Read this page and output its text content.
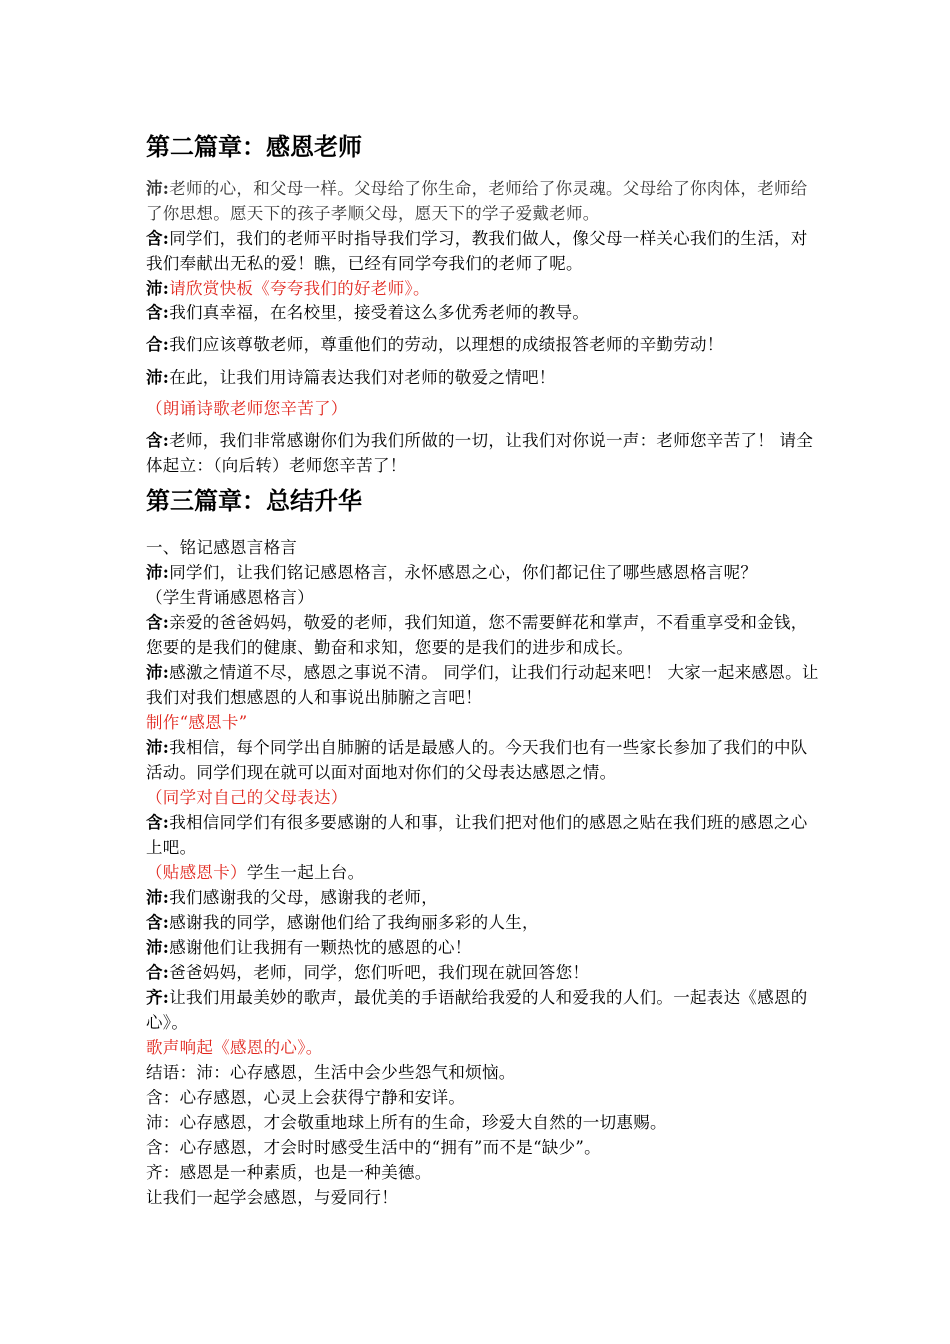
第二篇章：感恩老师

沛:老师的心，和父母一样。父母给了你生命，老师给了你灵魂。父母给了你肉体，老师给了你思想。愿天下的孩子孝顺父母，愿天下的学子爱戴老师。

含:同学们，我们的老师平时指导我们学习，教我们做人，像父母一样关心我们的生活，对我们奉献出无私的爱！瞧，已经有同学夸我们的老师了呢。

沛:请欣赏快板《夸夸我们的好老师》。

含:我们真幸福，在名校里，接受着这么多优秀老师的教导。

合:我们应该尊敬老师，尊重他们的劳动，以理想的成绩报答老师的辛勤劳动！

沛:在此，让我们用诗篇表达我们对老师的敬爱之情吧！

（朗诵诗歌老师您辛苦了）

含:老师，我们非常感谢你们为我们所做的一切，让我们对你说一声：老师您辛苦了！ 请全体起立：（向后转）老师您辛苦了！

第三篇章：总结升华

一、铭记感恩言格言

沛:同学们，让我们铭记感恩格言，永怀感恩之心，你们都记住了哪些感恩格言呢？

（学生背诵感恩格言）

含:亲爱的爸爸妈妈，敬爱的老师，我们知道，您不需要鲜花和掌声，不看重享受和金钱，您要的是我们的健康、勤奋和求知，您要的是我们的进步和成长。

沛:感激之情道不尽，感恩之事说不清。 同学们，让我们行动起来吧！ 大家一起来感恩。让我们对我们想感恩的人和事说出肺腑之言吧！

制作“感恩卡”

沛:我相信，每个同学出自肺腑的话是最感人的。今天我们也有一些家长参加了我们的中队活动。同学们现在就可以面对面地对你们的父母表达感恩之情。

（同学对自己的父母表达）

含:我相信同学们有很多要感谢的人和事，让我们把对他们的感恩之贴在我们班的感恩之心上吧。

（贴感恩卡）学生一起上台。

沛:我们感谢我的父母，感谢我的老师，

含:感谢我的同学，感谢他们给了我绚丽多彩的人生，

沛:感谢他们让我拥有一颗热忱的感恩的心！

合:爸爸妈妈，老师，同学，您们听吧，我们现在就回答您！

齐:让我们用最美妙的歌声，最优美的手语献给我爱的人和爱我的人们。一起表达《感恩的心》。

歌声响起《感恩的心》。

结语：沛：心存感恩，生活中会少些怨气和烦恼。

含：心存感恩，心灵上会获得宁静和安详。

沛：心存感恩，才会敬重地球上所有的生命，珍爱大自然的一切惠赐。

含：心存感恩，才会时时感受生活中的“拥有”而不是“缺少”。

齐：感恩是一种素质，也是一种美德。

让我们一起学会感恩，与爱同行！
